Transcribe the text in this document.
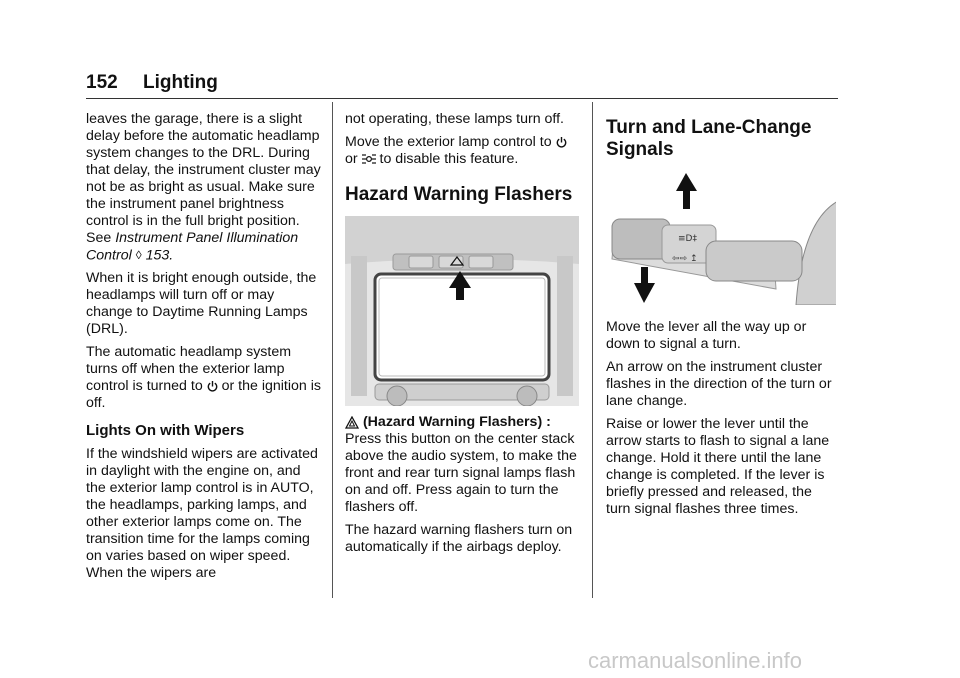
152 Lighting

leaves the garage, there is a slight delay before the automatic headlamp system changes to the DRL. During that delay, the instrument cluster may not be as bright as usual. Make sure the instrument panel brightness control is in the full bright position. See Instrument Panel Illumination Control ◊ 153.

When it is bright enough outside, the headlamps will turn off or may change to Daytime Running Lamps (DRL).

The automatic headlamp system turns off when the exterior lamp control is turned to or the ignition is off.

Lights On with Wipers

If the windshield wipers are activated in daylight with the engine on, and the exterior lamp control is in AUTO, the headlamps, parking lamps, and other exterior lamps come on. The transition time for the lamps coming on varies based on wiper speed. When the wipers are

not operating, these lamps turn off.

Move the exterior lamp control to
or to disable this feature.

Hazard Warning Flashers

(Hazard Warning Flashers) :
Press this button on the center stack above the audio system, to make the front and rear turn signal lamps flash on and off. Press again to turn the flashers off.

The hazard warning flashers turn on automatically if the airbags deploy.

Turn and Lane-Change Signals
≡D‡
⇦⇨ ↥

Move the lever all the way up or down to signal a turn.

An arrow on the instrument cluster flashes in the direction of the turn or lane change.

Raise or lower the lever until the arrow starts to flash to signal a lane change. Hold it there until the lane change is completed. If the lever is briefly pressed and released, the turn signal flashes three times.

carmanualsonline.info
